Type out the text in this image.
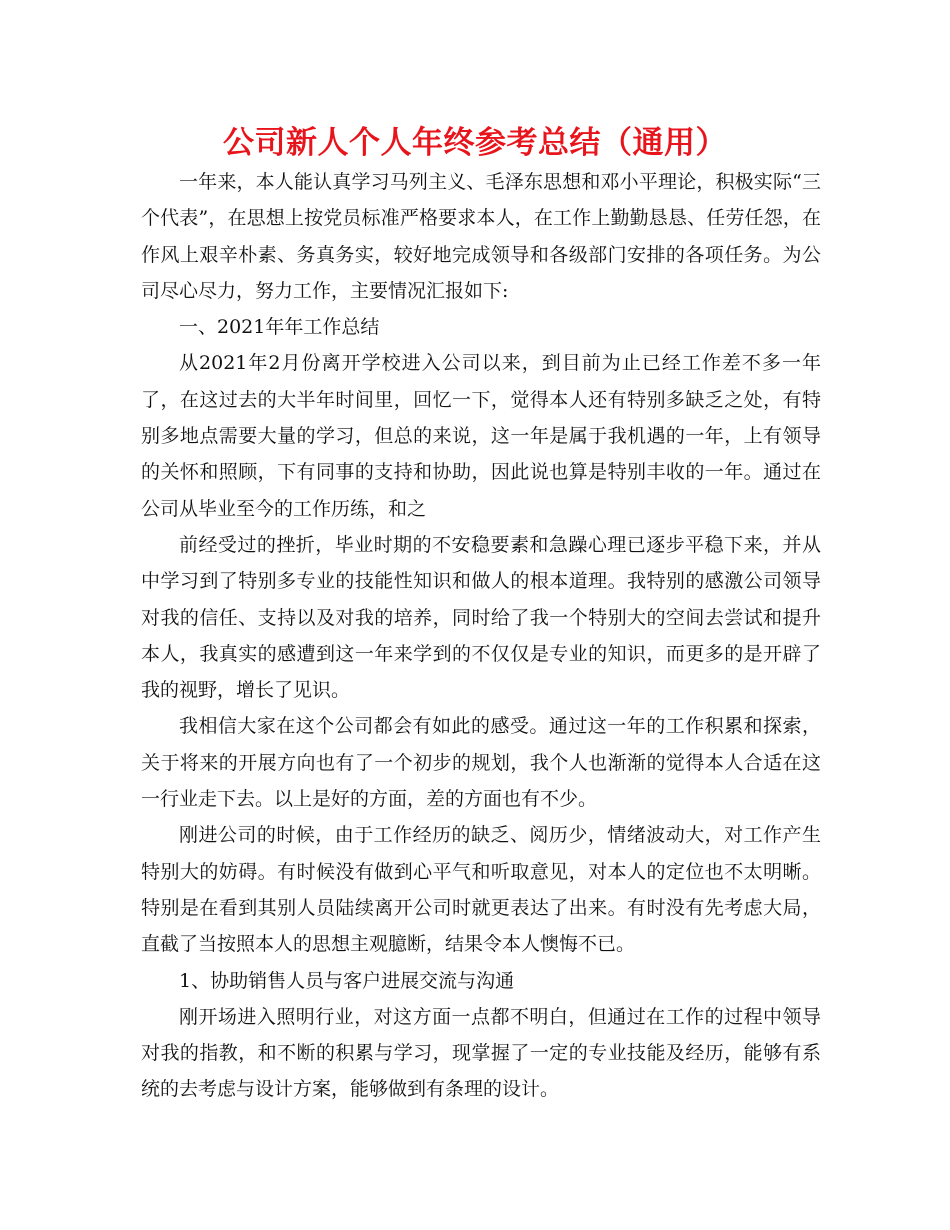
公司新人个人年终参考总结（通用）

一年来，本人能认真学习马列主义、毛泽东思想和邓小平理论，积极实际“三个代表”，在思想上按党员标准严格要求本人，在工作上勤勤恳恳、任劳任怨，在作风上艰辛朴素、务真务实，较好地完成领导和各级部门安排的各项任务。为公司尽心尽力，努力工作，主要情况汇报如下:

一、2021年年工作总结

从2021年2月份离开学校进入公司以来，到目前为止已经工作差不多一年了，在这过去的大半年时间里，回忆一下，觉得本人还有特别多缺乏之处，有特别多地点需要大量的学习，但总的来说，这一年是属于我机遇的一年，上有领导的关怀和照顾，下有同事的支持和协助，因此说也算是特别丰收的一年。通过在公司从毕业至今的工作历练，和之

前经受过的挫折，毕业时期的不安稳要素和急躁心理已逐步平稳下来，并从中学习到了特别多专业的技能性知识和做人的根本道理。我特别的感激公司领导对我的信任、支持以及对我的培养，同时给了我一个特别大的空间去尝试和提升本人，我真实的感遭到这一年来学到的不仅仅是专业的知识，而更多的是开辟了我的视野，增长了见识。

我相信大家在这个公司都会有如此的感受。通过这一年的工作积累和探索，关于将来的开展方向也有了一个初步的规划，我个人也渐渐的觉得本人合适在这一行业走下去。以上是好的方面，差的方面也有不少。

刚进公司的时候，由于工作经历的缺乏、阅历少，情绪波动大，对工作产生特别大的妨碍。有时候没有做到心平气和听取意见，对本人的定位也不太明晰。特别是在看到其别人员陆续离开公司时就更表达了出来。有时没有先考虑大局，直截了当按照本人的思想主观臆断，结果令本人懊悔不已。

1、协助销售人员与客户进展交流与沟通

刚开场进入照明行业，对这方面一点都不明白，但通过在工作的过程中领导对我的指教，和不断的积累与学习，现掌握了一定的专业技能及经历，能够有系统的去考虑与设计方案，能够做到有条理的设计。
